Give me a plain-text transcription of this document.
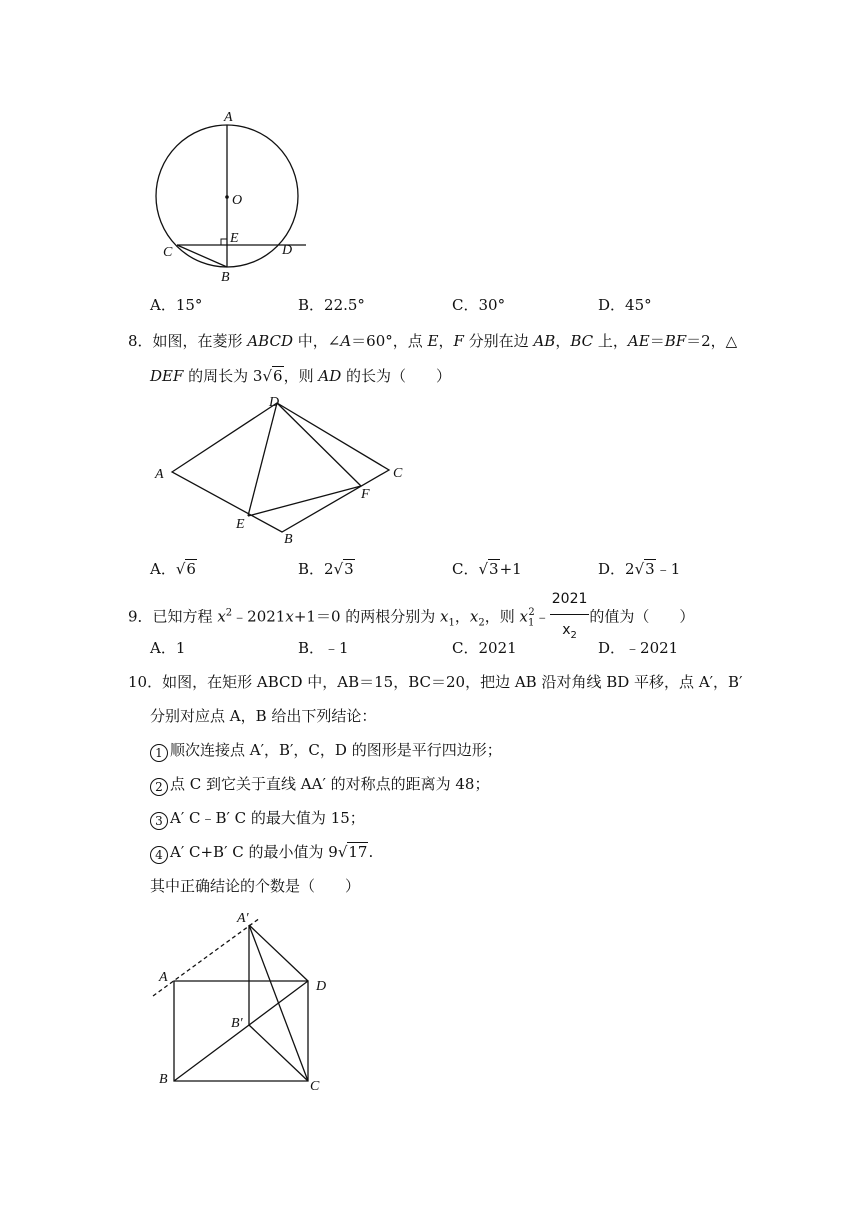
A
O
E
C	D
B
A．15°	B．22.5°	C．30°	D．45°
8．如图，在菱形 ABCD 中，∠A＝60°，点 E，F 分别在边 AB，BC 上，AE＝BF＝2，△
DEF 的周长为 3√6，则 AD 的长为（　　）
A
D
C
F
E
B
A．√6	B．2√3	C．√3+1	D．2√3﹣1
9．已知方程 $x^2﹣2021x+1=0$ 的两根分别为 $x_1$，$x_2$，则 $x_1^2﹣ \frac{2021}{x_2}$ 的值为（　　）
A．1	B．﹣1	C．2021	D．﹣2021
10．如图，在矩形 ABCD 中，AB＝15，BC＝20，把边 AB 沿对角线 BD 平移，点 A′，B′
分别对应点 A，B 给出下列结论：
1 顺次连接点 A′，B′，C，D 的图形是平行四边形；
2 点 C 到它关于直线 AA′ 的对称点的距离为 48；
3 A′ C﹣B′ C 的最大值为 15；
4 A′ C+B′ C 的最小值为 9√17.
其中正确结论的个数是（　　）
A′
A
D
B′
B	C
